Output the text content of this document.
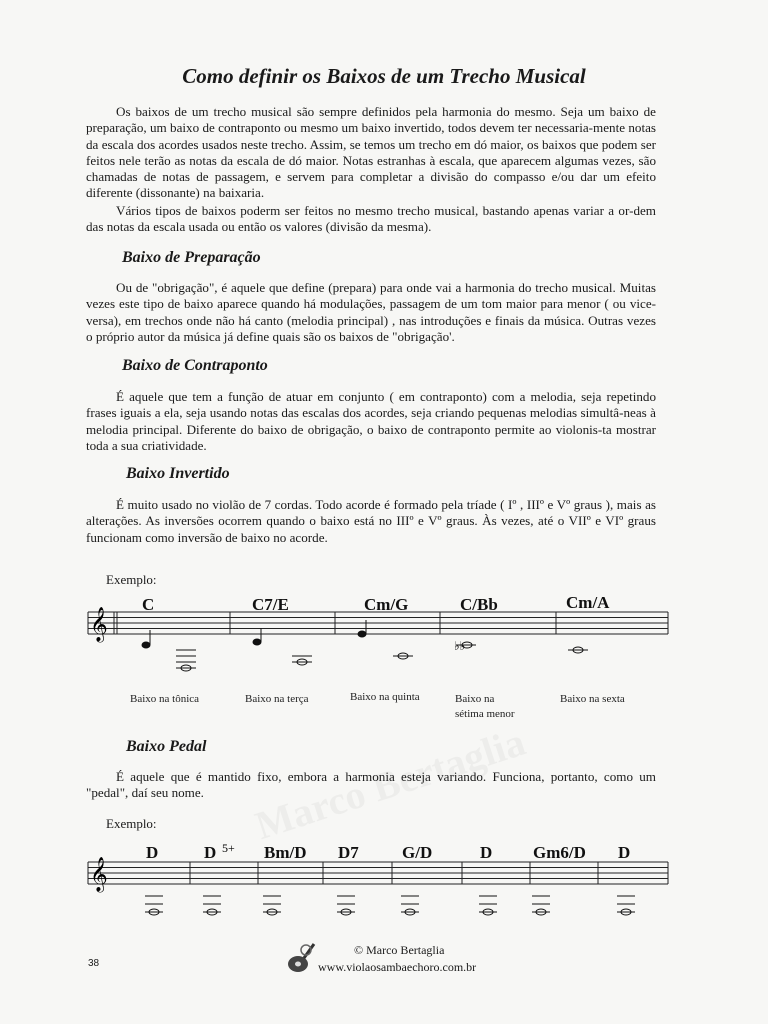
Como definir os Baixos de um Trecho Musical

Os baixos de um trecho musical são sempre definidos pela harmonia do mesmo. Seja um baixo de preparação, um baixo de contraponto ou mesmo um baixo invertido, todos devem ter necessaria-mente notas da escala dos acordes usados neste trecho. Assim, se temos um trecho em dó maior, os baixos que podem ser feitos nele terão as notas da escala de dó maior. Notas estranhas à escala, que aparecem algumas vezes, são chamadas de notas de passagem, e servem para completar a divisão do compasso e/ou dar um efeito diferente (dissonante) na baixaria.

Vários tipos de baixos poderm ser feitos no mesmo trecho musical, bastando apenas variar a or-dem das notas da escala usada ou então os valores (divisão da mesma).

Baixo de Preparação

Ou de "obrigação", é aquele que define (prepara) para onde vai a harmonia do trecho musical. Muitas vezes este tipo de baixo aparece quando há modulações, passagem de um tom maior para menor ( ou vice-versa), em trechos onde não há canto (melodia principal) , nas introduções e finais da música. Outras vezes o próprio autor da música já define quais são os baixos de "obrigação'.

Baixo de Contraponto

É aquele que tem a função de atuar em conjunto ( em contraponto) com a melodia, seja repetindo frases iguais a ela, seja usando notas das escalas dos acordes, seja criando pequenas melodias simultâ-neas à melodia principal. Diferente do baixo de obrigação, o baixo de contraponto permite ao violonis-ta mostrar toda a sua criatividade.

Baixo Invertido

É muito usado no violão de 7 cordas. Todo acorde é formado pela tríade ( Iº , IIIº e Vº graus ), mais as alterações. As inversões ocorrem quando o baixo está no IIIº e Vº graus. Às vezes, até o VIIº e VIº graus funcionam como inversão de baixo no acorde.

Exemplo:
𝄞
♭♭
C	C7/E	Cm/G	C/Bb	Cm/A
Baixo na tônica	Baixo na terça	Baixo na quinta	Baixo na
sétima menor
Baixo na sexta
Baixo Pedal

É aquele que é mantido fixo, embora a harmonia esteja variando. Funciona, portanto, como um "pedal", daí seu nome.

Exemplo:
𝄞
D	D 5+ Bm/D D7	G/D	D Gm6/D D
© Marco Bertaglia
www.violaosambaechoro.com.br
38
